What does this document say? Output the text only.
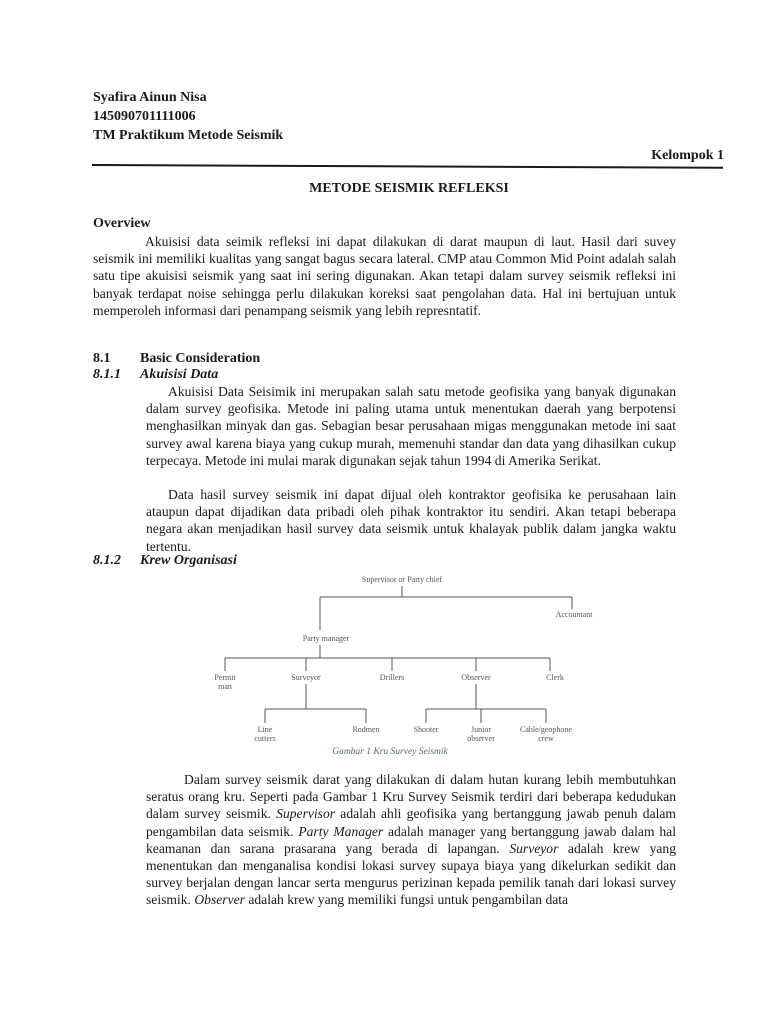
Syafira Ainun Nisa
145090701111006
TM Praktikum Metode Seismik
Kelompok 1
METODE SEISMIK REFLEKSI
Overview

Akuisisi data seimik refleksi ini dapat dilakukan di darat maupun di laut. Hasil dari suvey seismik ini memiliki kualitas yang sangat bagus secara lateral. CMP atau Common Mid Point adalah salah satu tipe akuisisi seismik yang saat ini sering digunakan. Akan tetapi dalam survey seismik refleksi ini banyak terdapat noise sehingga perlu dilakukan koreksi saat pengolahan data. Hal ini bertujuan untuk memperoleh informasi dari penampang seismik yang lebih represntatif.

8.1 Basic Consideration
8.1.1 Akuisisi Data

Akuisisi Data Seisimik ini merupakan salah satu metode geofisika yang banyak digunakan dalam survey geofisika. Metode ini paling utama untuk menentukan daerah yang berpotensi menghasilkan minyak dan gas. Sebagian besar perusahaan migas menggunakan metode ini saat survey awal karena biaya yang cukup murah, memenuhi standar dan data yang dihasilkan cukup terpecaya. Metode ini mulai marak digunakan sejak tahun 1994 di Amerika Serikat.

Data hasil survey seismik ini dapat dijual oleh kontraktor geofisika ke perusahaan lain ataupun dapat dijadikan data pribadi oleh pihak kontraktor itu sendiri. Akan tetapi beberapa negara akan menjadikan hasil survey data seismik untuk khalayak publik dalam jangka waktu tertentu.

8.1.2 Krew Organisasi
Supervisor or Party chief
Accountant
Party manager
Permit
man
Surveyor	Drillers	Observer	Clerk
Line
cutters
Rodmen	Shooter	Junior
observer
Cable/geophone
crew
Gambar 1 Kru Survey Seismik

Dalam survey seismik darat yang dilakukan di dalam hutan kurang lebih membutuhkan seratus orang kru. Seperti pada Gambar 1 Kru Survey Seismik terdiri dari beberapa kedudukan dalam survey seismik. Supervisor adalah ahli geofisika yang bertanggung jawab penuh dalam pengambilan data seismik. Party Manager adalah manager yang bertanggung jawab dalam hal keamanan dan sarana prasarana yang berada di lapangan. Surveyor adalah krew yang menentukan dan menganalisa kondisi lokasi survey supaya biaya yang dikelurkan sedikit dan survey berjalan dengan lancar serta mengurus perizinan kepada pemilik tanah dari lokasi survey seismik. Observer adalah krew yang memiliki fungsi untuk pengambilan data
